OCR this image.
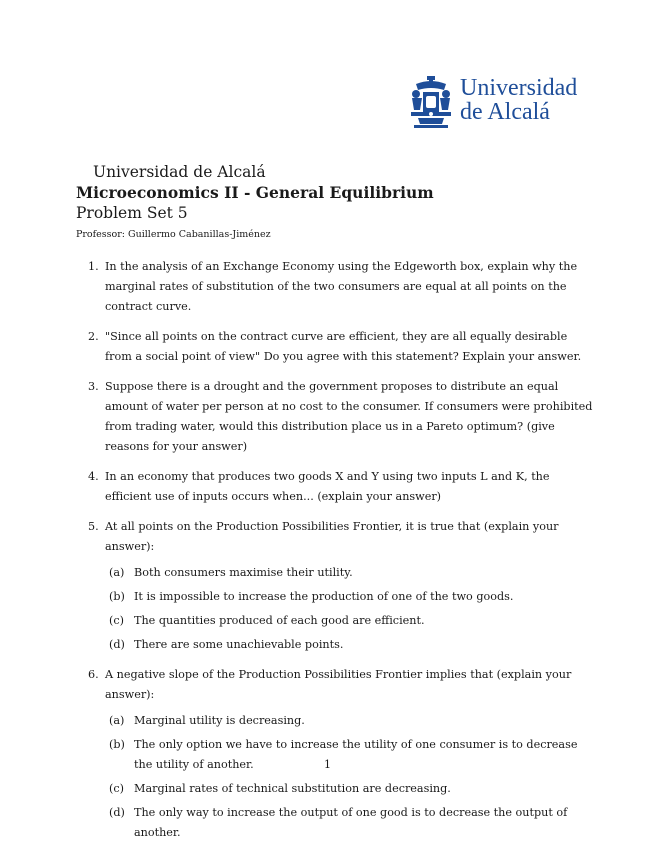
Universidad
de Alcalá
Universidad de Alcalá
Microeconomics II - General Equilibrium
Problem Set 5
Professor: Guillermo Cabanillas-Jiménez
1. In the analysis of an Exchange Economy using the Edgeworth box, explain why the marginal rates of substitution of the two consumers are equal at all points on the contract curve.
2. "Since all points on the contract curve are efficient, they are all equally desirable from a social point of view" Do you agree with this statement? Explain your answer.
3. Suppose there is a drought and the government proposes to distribute an equal amount of water per person at no cost to the consumer. If consumers were prohibited from trading water, would this distribution place us in a Pareto optimum? (give reasons for your answer)
4. In an economy that produces two goods X and Y using two inputs L and K, the efficient use of inputs occurs when... (explain your answer)
5. At all points on the Production Possibilities Frontier, it is true that (explain your answer):
(a) Both consumers maximise their utility.
(b) It is impossible to increase the production of one of the two goods.
(c) The quantities produced of each good are efficient.
(d) There are some unachievable points.
6. A negative slope of the Production Possibilities Frontier implies that (explain your answer):
(a) Marginal utility is decreasing.
(b) The only option we have to increase the utility of one consumer is to decrease the utility of another.
(c) Marginal rates of technical substitution are decreasing.
(d) The only way to increase the output of one good is to decrease the output of another.
1
